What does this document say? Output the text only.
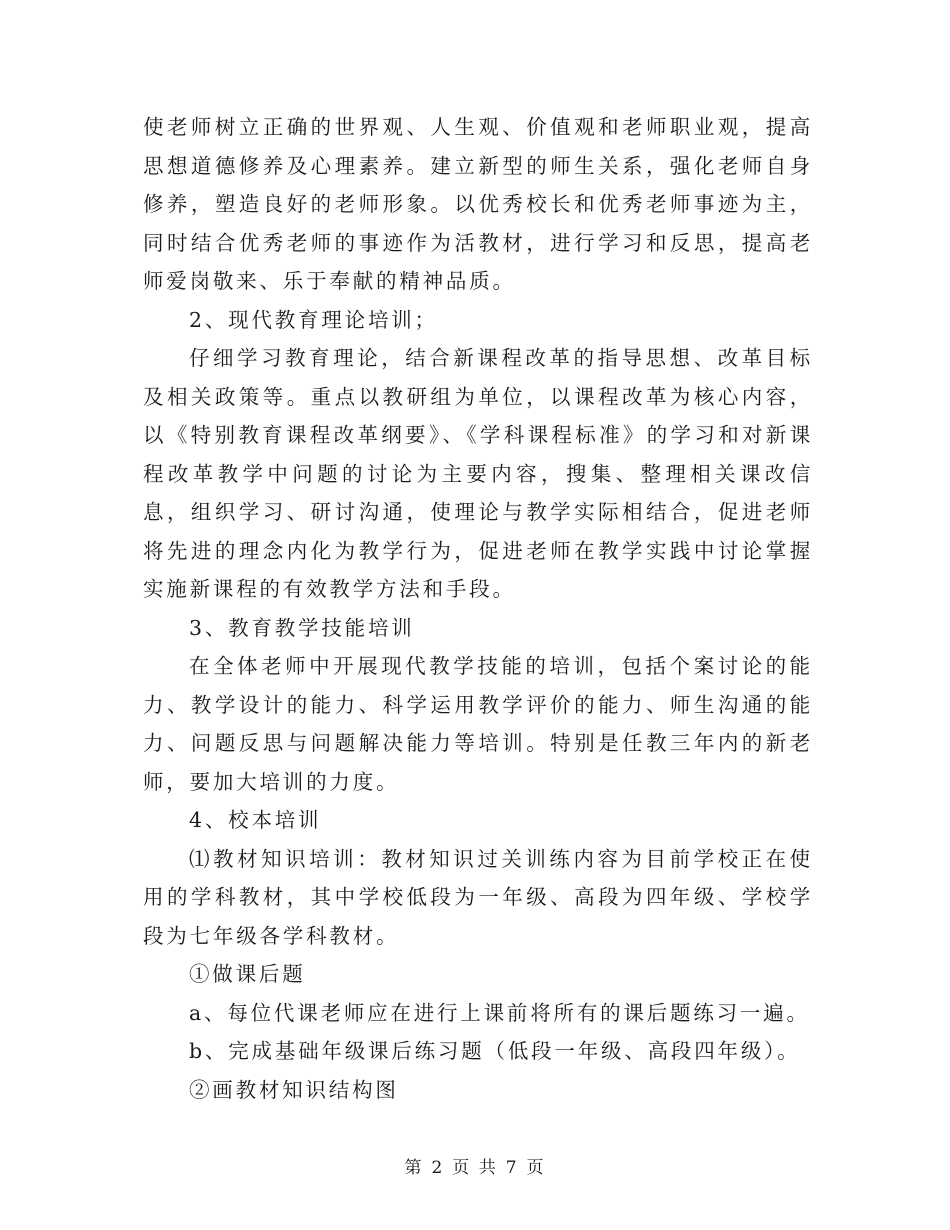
使老师树立正确的世界观、人生观、价值观和老师职业观，提高思想道德修养及心理素养。建立新型的师生关系，强化老师自身修养，塑造良好的老师形象。以优秀校长和优秀老师事迹为主，同时结合优秀老师的事迹作为活教材，进行学习和反思，提高老师爱岗敬来、乐于奉献的精神品质。

2、现代教育理论培训；

仔细学习教育理论，结合新课程改革的指导思想、改革目标及相关政策等。重点以教研组为单位，以课程改革为核心内容，以《特别教育课程改革纲要》、《学科课程标准》的学习和对新课程改革教学中问题的讨论为主要内容，搜集、整理相关课改信息，组织学习、研讨沟通，使理论与教学实际相结合，促进老师将先进的理念内化为教学行为，促进老师在教学实践中讨论掌握实施新课程的有效教学方法和手段。

3、教育教学技能培训

在全体老师中开展现代教学技能的培训，包括个案讨论的能力、教学设计的能力、科学运用教学评价的能力、师生沟通的能力、问题反思与问题解决能力等培训。特别是任教三年内的新老师，要加大培训的力度。

4、校本培训

⑴教材知识培训：教材知识过关训练内容为目前学校正在使用的学科教材，其中学校低段为一年级、高段为四年级、学校学段为七年级各学科教材。

①做课后题

a、每位代课老师应在进行上课前将所有的课后题练习一遍。

b、完成基础年级课后练习题（低段一年级、高段四年级）。

②画教材知识结构图

第 2 页 共 7 页
